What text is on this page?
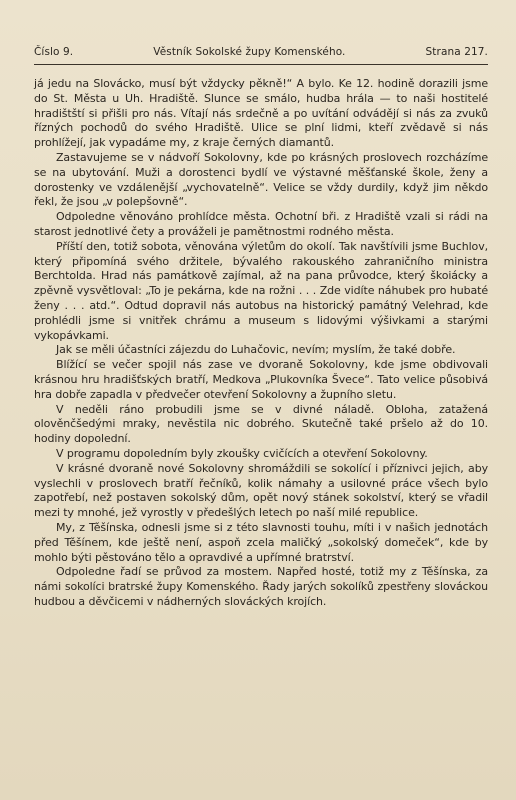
Číslo 9.	Věstník Sokolské župy Komenského.	Strana 217.

já jedu na Slovácko, musí být vždycky pěkně!“ A bylo. Ke 12. hodině dorazili jsme do St. Města u Uh. Hradiště. Slunce se smálo, hudba hrála — to naši hostitelé hradištští si přišli pro nás. Vítají nás srdečně a po uvítání odvádějí si nás za zvuků řízných pochodů do svého Hradiště. Ulice se plní lidmi, kteří zvědavě si nás prohlížejí, jak vypadáme my, z kraje černých diamantů.

Zastavujeme se v nádvoří Sokolovny, kde po krásných proslovech rozcházíme se na ubytování. Muži a dorostenci bydlí ve výstavné měšťanské škole, ženy a dorostenky ve vzdálenější „vychovatelně“. Velice se vždy durdily, když jim někdo řekl, že jsou „v polepšovně“.

Odpoledne věnováno prohlídce města. Ochotní bři. z Hradiště vzali si rádi na starost jednotlivé čety a prováželi je pamětnostmi rodného města.

Příští den, totiž sobota, věnována výletům do okolí. Tak navštívili jsme Buchlov, který připomíná svého držitele, bývalého rakouského zahraničního ministra Berchtolda. Hrad nás památkově zajímal, až na pana průvodce, který škoiácky a zpěvně vysvětloval: „To je pekárna, kde na rožni . . . Zde vidíte náhubek pro hubaté ženy . . . atd.“. Odtud dopravil nás autobus na historický památný Velehrad, kde prohlédli jsme si vnitřek chrámu a museum s lidovými výšivkami a starými vykopávkami.

Jak se měli účastníci zájezdu do Luhačovic, nevím; myslím, že také dobře.

Blížící se večer spojil nás zase ve dvoraně Sokolovny, kde jsme obdivovali krásnou hru hradišťských bratří, Medkova „Plukovníka Švece“. Tato velice působivá hra dobře zapadla v předvečer otevření Sokolovny a župního sletu.

V neděli ráno probudili jsme se v divné náladě. Obloha, zatažená olověnčšedými mraky, nevěstila nic dobrého. Skutečně také pršelo až do 10. hodiny dopolední.

V programu dopoledním byly zkoušky cvičících a otevření Sokolovny.

V krásné dvoraně nové Sokolovny shromáždili se sokolící i příznivci jejich, aby vyslechli v proslovech bratří řečníků, kolik námahy a usilovné práce všech bylo zapotřebí, než postaven sokolský dům, opět nový stánek sokolství, který se vřadil mezi ty mnohé, jež vyrostly v předešlých letech po naší milé republice.

My, z Těšínska, odnesli jsme si z této slavnosti touhu, míti i v našich jednotách před Těšínem, kde ještě není, aspoň zcela maličký „sokolský domeček“, kde by mohlo býti pěstováno tělo a opravdivé a upřímné bratrství.

Odpoledne řadí se průvod za mostem. Napřed hosté, totiž my z Těšínska, za námi sokolíci bratrské župy Komenského. Řady jarých sokolíků zpestřeny slováckou hudbou a děvčicemi v nádherných slováckých krojích.
